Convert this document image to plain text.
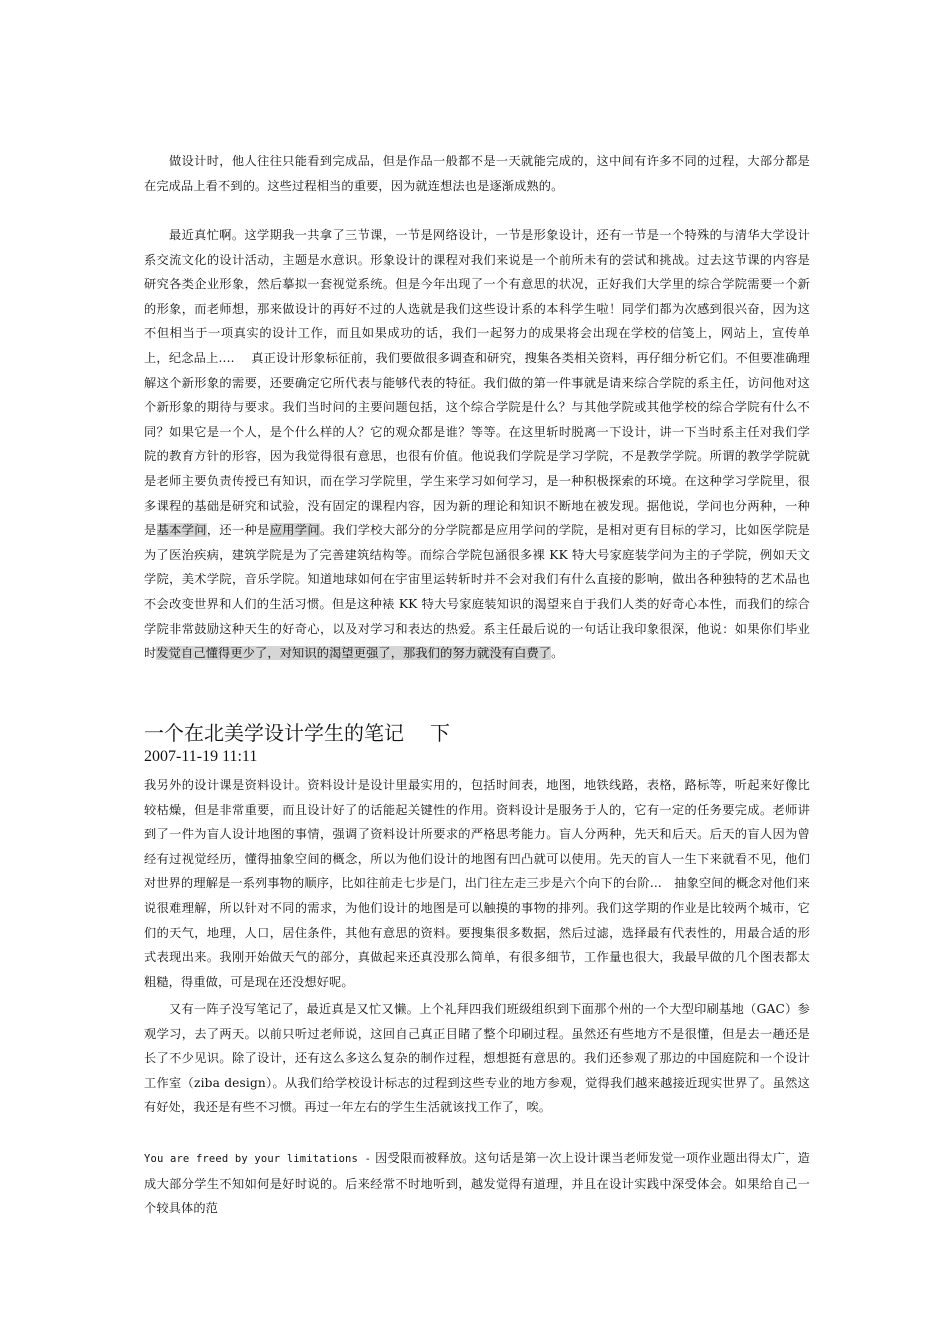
做设计时，他人往往只能看到完成品，但是作品一般都不是一天就能完成的，这中间有许多不同的过程，大部分都是在完成品上看不到的。这些过程相当的重要，因为就连想法也是逐渐成熟的。

最近真忙啊。这学期我一共拿了三节课，一节是网络设计，一节是形象设计，还有一节是一个特殊的与清华大学设计系交流文化的设计活动，主题是水意识。形象设计的课程对我们来说是一个前所未有的尝试和挑战。过去这节课的内容是研究各类企业形象，然后摹拟一套视觉系统。但是今年出现了一个有意思的状况，正好我们大学里的综合学院需要一个新的形象，而老师想，那来做设计的再好不过的人选就是我们这些设计系的本科学生啦！同学们都为次感到很兴奋，因为这不但相当于一项真实的设计工作，而且如果成功的话，我们一起努力的成果将会出现在学校的信笺上，网站上，宣传单上，纪念品上....　 真正设计形象标征前，我们要做很多调查和研究，搜集各类相关资料，再仔细分析它们。不但要准确理解这个新形象的需要，还要确定它所代表与能够代表的特征。我们做的第一件事就是请来综合学院的系主任，访问他对这个新形象的期待与要求。我们当时问的主要问题包括，这个综合学院是什么？与其他学院或其他学校的综合学院有什么不同？如果它是一个人，是个什么样的人？它的观众都是谁？等等。在这里斩时脱离一下设计，讲一下当时系主任对我们学院的教育方针的形容，因为我觉得很有意思，也很有价值。他说我们学院是学习学院，不是教学学院。所谓的教学学院就是老师主要负责传授已有知识，而在学习学院里，学生来学习如何学习，是一种积极探索的环境。在这种学习学院里，很多课程的基础是研究和试验，没有固定的课程内容，因为新的理论和知识不断地在被发现。据他说，学问也分两种，一种是基本学问，还一种是应用学问。我们学校大部分的分学院都是应用学问的学院，是相对更有目标的学习，比如医学院是为了医治疾病，建筑学院是为了完善建筑结构等。而综合学院包涵很多裸 KK 特大号家庭装学问为主的子学院，例如天文学院，美术学院，音乐学院。知道地球如何在宇宙里运转斩时并不会对我们有什么直接的影响，做出各种独特的艺术品也不会改变世界和人们的生活习惯。但是这种裱 KK 特大号家庭装知识的渴望来自于我们人类的好奇心本性，而我们的综合学院非常鼓励这种天生的好奇心，以及对学习和表达的热爱。系主任最后说的一句话让我印象很深，他说：如果你们毕业时发觉自己懂得更少了，对知识的渴望更强了，那我们的努力就没有白费了。

一个在北美学设计学生的笔记 下
2007-11-19 11:11

我另外的设计课是资料设计。资料设计是设计里最实用的，包括时间表，地图，地铁线路，表格，路标等，听起来好像比较枯燥，但是非常重要，而且设计好了的话能起关键性的作用。资料设计是服务于人的，它有一定的任务要完成。老师讲到了一件为盲人设计地图的事情，强调了资料设计所要求的严格思考能力。盲人分两种，先天和后天。后天的盲人因为曾经有过视觉经历，懂得抽象空间的概念，所以为他们设计的地图有凹凸就可以使用。先天的盲人一生下来就看不见，他们对世界的理解是一系列事物的顺序，比如往前走七步是门，出门往左走三步是六个向下的台阶...　抽象空间的概念对他们来说很难理解，所以针对不同的需求，为他们设计的地图是可以触摸的事物的排列。我们这学期的作业是比较两个城市，它们的天气，地理，人口，居住条件，其他有意思的资料。要搜集很多数据，然后过滤，选择最有代表性的，用最合适的形式表现出来。我刚开始做天气的部分，真做起来还真没那么简单，有很多细节，工作量也很大，我最早做的几个图表都太粗糙，得重做，可是现在还没想好呢。

又有一阵子没写笔记了，最近真是又忙又懒。上个礼拜四我们班级组织到下面那个州的一个大型印刷基地（GAC）参观学习，去了两天。以前只听过老师说，这回自己真正目睹了整个印刷过程。虽然还有些地方不是很懂，但是去一趟还是长了不少见识。除了设计，还有这么多这么复杂的制作过程，想想挺有意思的。我们还参观了那边的中国庭院和一个设计工作室（ziba design）。从我们给学校设计标志的过程到这些专业的地方参观，觉得我们越来越接近现实世界了。虽然这有好处，我还是有些不习惯。再过一年左右的学生生活就该找工作了，唉。

You are freed by your limitations - 因受限而被释放。这句话是第一次上设计课当老师发觉一项作业题出得太广，造成大部分学生不知如何是好时说的。后来经常不时地听到，越发觉得有道理，并且在设计实践中深受体会。如果给自己一个较具体的范
